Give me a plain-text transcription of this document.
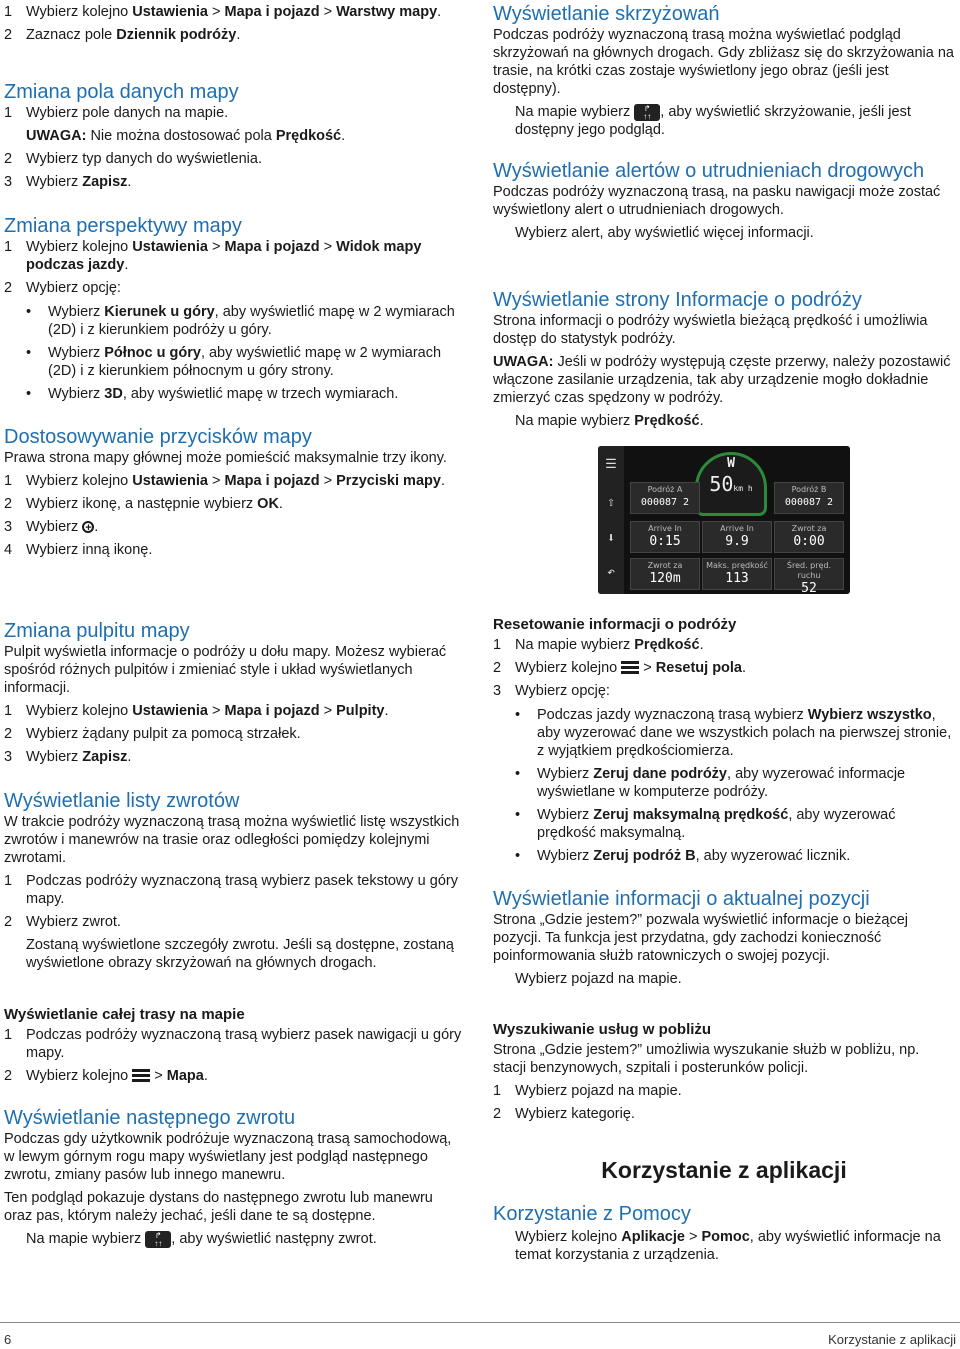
1 Wybierz kolejno Ustawienia > Mapa i pojazd > Warstwy mapy.

2 Zaznacz pole Dziennik podróży.

Zmiana pola danych mapy

1 Wybierz pole danych na mapie.

UWAGA: Nie można dostosować pola Prędkość.

2 Wybierz typ danych do wyświetlenia.

3 Wybierz Zapisz.

Zmiana perspektywy mapy

1 Wybierz kolejno Ustawienia > Mapa i pojazd > Widok mapy podczas jazdy.

2 Wybierz opcję:

• Wybierz Kierunek u góry, aby wyświetlić mapę w 2 wymiarach (2D) i z kierunkiem podróży u góry.

• Wybierz Północ u góry, aby wyświetlić mapę w 2 wymiarach (2D) i z kierunkiem północnym u góry strony.

• Wybierz 3D, aby wyświetlić mapę w trzech wymiarach.

Dostosowywanie przycisków mapy

Prawa strona mapy głównej może pomieścić maksymalnie trzy ikony.

1 Wybierz kolejno Ustawienia > Mapa i pojazd > Przyciski mapy.

2 Wybierz ikonę, a następnie wybierz OK.

3 Wybierz +.

4 Wybierz inną ikonę.

Zmiana pulpitu mapy

Pulpit wyświetla informacje o podróży u dołu mapy. Możesz wybierać spośród różnych pulpitów i zmieniać style i układ wyświetlanych informacji.

1 Wybierz kolejno Ustawienia > Mapa i pojazd > Pulpity.

2 Wybierz żądany pulpit za pomocą strzałek.

3 Wybierz Zapisz.

Wyświetlanie listy zwrotów

W trakcie podróży wyznaczoną trasą można wyświetlić listę wszystkich zwrotów i manewrów na trasie oraz odległości pomiędzy kolejnymi zwrotami.

1 Podczas podróży wyznaczoną trasą wybierz pasek tekstowy u góry mapy.

2 Wybierz zwrot.

Zostaną wyświetlone szczegóły zwrotu. Jeśli są dostępne, zostaną wyświetlone obrazy skrzyżowań na głównych drogach.

Wyświetlanie całej trasy na mapie

1 Podczas podróży wyznaczoną trasą wybierz pasek nawigacji u góry mapy.

2 Wybierz kolejno
> Mapa.

Wyświetlanie następnego zwrotu

Podczas gdy użytkownik podróżuje wyznaczoną trasą samochodową, w lewym górnym rogu mapy wyświetlany jest podgląd następnego zwrotu, zmiany pasów lub innego manewru.

Ten podgląd pokazuje dystans do następnego zwrotu lub manewru oraz pas, którym należy jechać, jeśli dane te są dostępne.

Na mapie wybierz ↱
↑↑ , aby wyświetlić następny zwrot.

Wyświetlanie skrzyżowań

Podczas podróży wyznaczoną trasą można wyświetlać podgląd skrzyżowań na głównych drogach. Gdy zbliżasz się do skrzyżowania na trasie, na krótki czas zostaje wyświetlony jego obraz (jeśli jest dostępny).

Na mapie wybierz ↱
↑↑ , aby wyświetlić skrzyżowanie, jeśli jest dostępny jego podgląd.

Wyświetlanie alertów o utrudnieniach drogowych

Podczas podróży wyznaczoną trasą, na pasku nawigacji może zostać wyświetlony alert o utrudnieniach drogowych.

Wybierz alert, aby wyświetlić więcej informacji.

Wyświetlanie strony Informacje o podróży

Strona informacji o podróży wyświetla bieżącą prędkość i umożliwia dostęp do statystyk podróży.

UWAGA: Jeśli w podróży występują częste przerwy, należy pozostawić włączone zasilanie urządzenia, tak aby urządzenie mogło dokładnie zmierzyć czas spędzony w podróży.

Na mapie wybierz Prędkość.

☰
⇧
⬇
↶
W
50km h
Podróż A
000087 2
Podróż B
000087 2
Arrive In
0:15
Arrive In
9.9
Zwrot za
0:00
Zwrot za
120m
Maks. prędkość
113
Śred. pręd. ruchu
52
Resetowanie informacji o podróży

1 Na mapie wybierz Prędkość.

2 Wybierz kolejno
> Resetuj pola.

3 Wybierz opcję:

• Podczas jazdy wyznaczoną trasą wybierz Wybierz wszystko, aby wyzerować dane we wszystkich polach na pierwszej stronie, z wyjątkiem prędkościomierza.

• Wybierz Zeruj dane podróży, aby wyzerować informacje wyświetlane w komputerze podróży.

• Wybierz Zeruj maksymalną prędkość, aby wyzerować prędkość maksymalną.

• Wybierz Zeruj podróż B, aby wyzerować licznik.

Wyświetlanie informacji o aktualnej pozycji

Strona „Gdzie jestem?” pozwala wyświetlić informacje o bieżącej pozycji. Ta funkcja jest przydatna, gdy zachodzi konieczność poinformowania służb ratowniczych o swojej pozycji.

Wybierz pojazd na mapie.

Wyszukiwanie usług w pobliżu

Strona „Gdzie jestem?” umożliwia wyszukanie służb w pobliżu, np. stacji benzynowych, szpitali i posterunków policji.

1 Wybierz pojazd na mapie.

2 Wybierz kategorię.

Korzystanie z aplikacji
Korzystanie z Pomocy

Wybierz kolejno Aplikacje > Pomoc, aby wyświetlić informacje na temat korzystania z urządzenia.

6	Korzystanie z aplikacji
